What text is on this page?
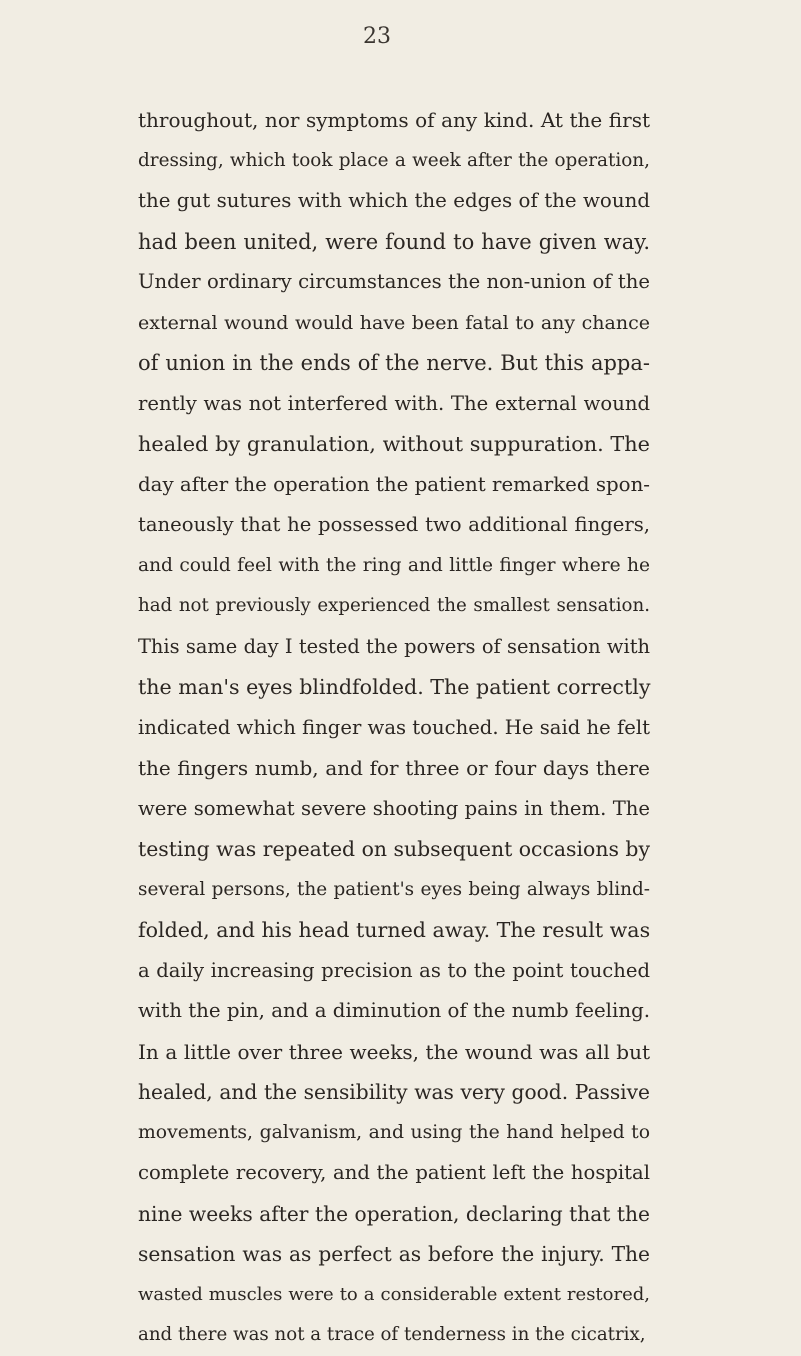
23
throughout, nor symptoms of any kind. At the first
dressing, which took place a week after the operation,
the gut sutures with which the edges of the wound
had been united, were found to have given way.
Under ordinary circumstances the non-union of the
external wound would have been fatal to any chance
of union in the ends of the nerve. But this appa-
rently was not interfered with. The external wound
healed by granulation, without suppuration. The
day after the operation the patient remarked spon-
taneously that he possessed two additional fingers,
and could feel with the ring and little finger where he
had not previously experienced the smallest sensation.
This same day I tested the powers of sensation with
the man's eyes blindfolded. The patient correctly
indicated which finger was touched. He said he felt
the fingers numb, and for three or four days there
were somewhat severe shooting pains in them. The
testing was repeated on subsequent occasions by
several persons, the patient's eyes being always blind-
folded, and his head turned away. The result was
a daily increasing precision as to the point touched
with the pin, and a diminution of the numb feeling.
In a little over three weeks, the wound was all but
healed, and the sensibility was very good. Passive
movements, galvanism, and using the hand helped to
complete recovery, and the patient left the hospital
nine weeks after the operation, declaring that the
sensation was as perfect as before the injury. The
wasted muscles were to a considerable extent restored,
and there was not a trace of tenderness in the cicatrix,
